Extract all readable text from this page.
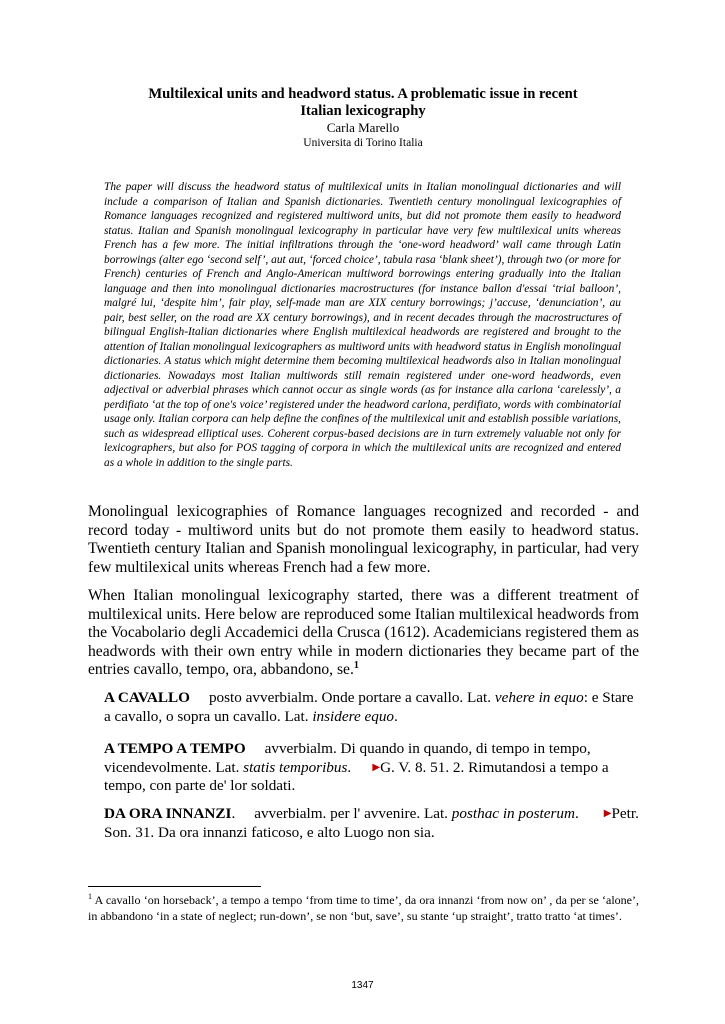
Multilexical units and headword status. A problematic issue in recent
Italian lexicography
Carla Marello
Universita di Torino Italia
The paper will discuss the headword status of multilexical units in Italian monolingual dictionaries and will include a comparison of Italian and Spanish dictionaries. Twentieth century monolingual lexicographies of Romance languages recognized and registered multiword units, but did not promote them easily to headword status. Italian and Spanish monolingual lexicography in particular have very few multilexical units whereas French has a few more. The initial infiltrations through the ‘one-word headword’ wall came through Latin borrowings (alter ego ‘second self’, aut aut, ‘forced choice’, tabula rasa ‘blank sheet’), through two (or more for French) centuries of French and Anglo-American multiword borrowings entering gradually into the Italian language and then into monolingual dictionaries macrostructures (for instance ballon d'essai ‘trial balloon’, malgré lui, ‘despite him’, fair play, self-made man are XIX century borrowings; j’accuse, ‘denunciation’, au pair, best seller, on the road are XX century borrowings), and in recent decades through the macrostructures of bilingual English-Italian dictionaries where English multilexical headwords are registered and brought to the attention of Italian monolingual lexicographers as multiword units with headword status in English monolingual dictionaries. A status which might determine them becoming multilexical headwords also in Italian monolingual dictionaries. Nowadays most Italian multiwords still remain registered under one-word headwords, even adjectival or adverbial phrases which cannot occur as single words (as for instance alla carlona ‘carelessly’, a perdifiato ‘at the top of one's voice’ registered under the headword carlona, perdifiato, words with combinatorial usage only. Italian corpora can help define the confines of the multilexical unit and establish possible variations, such as widespread elliptical uses. Coherent corpus-based decisions are in turn extremely valuable not only for lexicographers, but also for POS tagging of corpora in which the multilexical units are recognized and entered as a whole in addition to the single parts.
Monolingual lexicographies of Romance languages recognized and recorded - and record today - multiword units but do not promote them easily to headword status. Twentieth century Italian and Spanish monolingual lexicography, in particular, had very few multilexical units whereas French had a few more.
When Italian monolingual lexicography started, there was a different treatment of multilexical units. Here below are reproduced some Italian multilexical headwords from the Vocabolario degli Accademici della Crusca (1612). Academicians registered them as headwords with their own entry while in modern dictionaries they became part of the entries cavallo, tempo, ora, abbandono, se.$^1$
A CAVALLO posto avverbialm. Onde portare a cavallo. Lat. vehere in equo: e Stare a cavallo, o sopra un cavallo. Lat. insidere equo.
A TEMPO A TEMPO avverbialm. Di quando in quando, di tempo in tempo, vicendevolmente. Lat. statis temporibus. ▶G. V. 8. 51. 2. Rimutandosi a tempo a tempo, con parte de' lor soldati.
DA ORA INNANZI. avverbialm. per l' avvenire. Lat. posthac in posterum. ▶Petr. Son. 31. Da ora innanzi faticoso, e alto Luogo non sia.
$^1$ A cavallo ‘on horseback’, a tempo a tempo ‘from time to time’, da ora innanzi ‘from now on’ , da per se ‘alone’, in abbandono ‘in a state of neglect; run-down’, se non ‘but, save’, su stante ‘up straight’, tratto tratto ‘at times’.
1347
